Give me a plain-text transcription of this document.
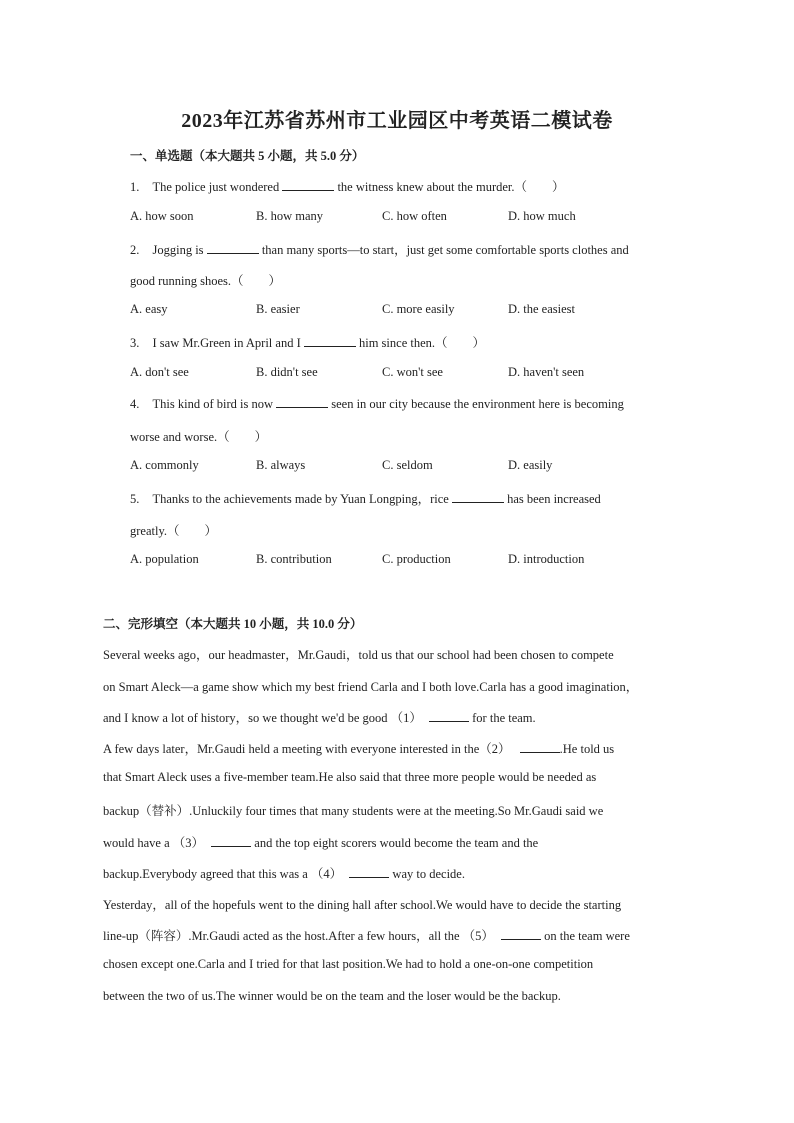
2023年江苏省苏州市工业园区中考英语二模试卷
一、单选题（本大题共 5 小题，共 5.0 分）
1. The police just wondered	the witness knew about the murder.（　　）
A. how soon	B. how many	C. how often	D. how much
2. Jogging is	than many sports—to start，just get some comfortable sports clothes and
good running shoes.（　　）
A. easy	B. easier	C. more easily	D. the easiest
3. I saw Mr.Green in April and I	him since then.（　　）
A. don't see	B. didn't see	C. won't see	D. haven't seen
4. This kind of bird is now	seen in our city because the environment here is becoming
worse and worse.（　　）
A. commonly	B. always	C. seldom	D. easily
5. Thanks to the achievements made by Yuan Longping，rice	has been increased
greatly.（　　）
A. population	B. contribution	C. production	D. introduction
二、完形填空（本大题共 10 小题，共 10.0 分）
Several weeks ago，our headmaster，Mr.Gaudi，told us that our school had been chosen to compete
on Smart Aleck—a game show which my best friend Carla and I both love.Carla has a good imagination，
and I know a lot of history，so we thought we'd be good （1）	for the team.
A few days later，Mr.Gaudi held a meeting with everyone interested in the（2）	.He told us
that Smart Aleck uses a five-member team.He also said that three more people would be needed as
backup（替补）.Unluckily four times that many students were at the meeting.So Mr.Gaudi said we
would have a （3）	and the top eight scorers would become the team and the
backup.Everybody agreed that this was a （4）	way to decide.
Yesterday，all of the hopefuls went to the dining hall after school.We would have to decide the starting
line-up（阵容）.Mr.Gaudi acted as the host.After a few hours，all the （5）	on the team were
chosen except one.Carla and I tried for that last position.We had to hold a one-on-one competition
between the two of us.The winner would be on the team and the loser would be the backup.
